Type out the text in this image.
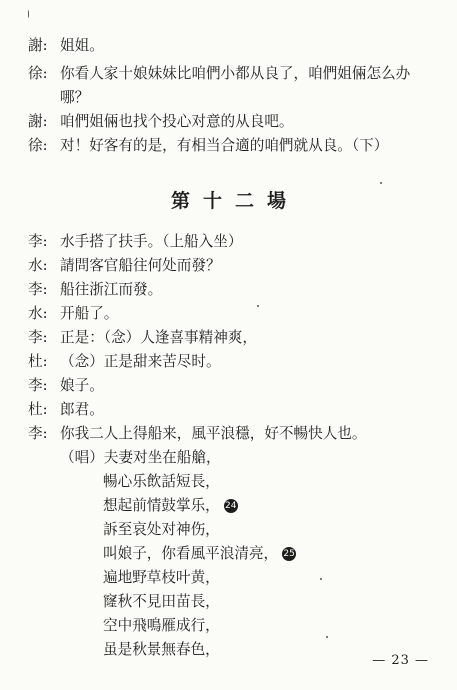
謝: 姐姐。
徐: 你看人家十娘妹妹比咱們小都从良了，咱們姐倆怎么办
哪？
謝: 咱們姐倆也找个投心对意的从良吧。
徐: 对！好客有的是，有相当合適的咱們就从良。（下）
第十二場
李: 水手搭了扶手。（上船入坐）
水: 請問客官船往何处而發？
李: 船往浙江而發。
水: 开船了。
李: 正是：（念）人逢喜事精神爽，
杜: （念）正是甜来苦尽时。
李: 娘子。
杜: 郎君。
李: 你我二人上得船来，風平浪穩，好不暢快人也。
（唱）夫妻对坐在船艙，
暢心乐飲話短長，
想起前情鼓掌乐， 24
訴至哀处对神伤，
叫娘子，你看風平浪清亮， 25
遍地野草枝叶黄，
窿秋不見田苗長，
空中飛鳴雁成行，
虽是秋景無春色，
— 23 —
